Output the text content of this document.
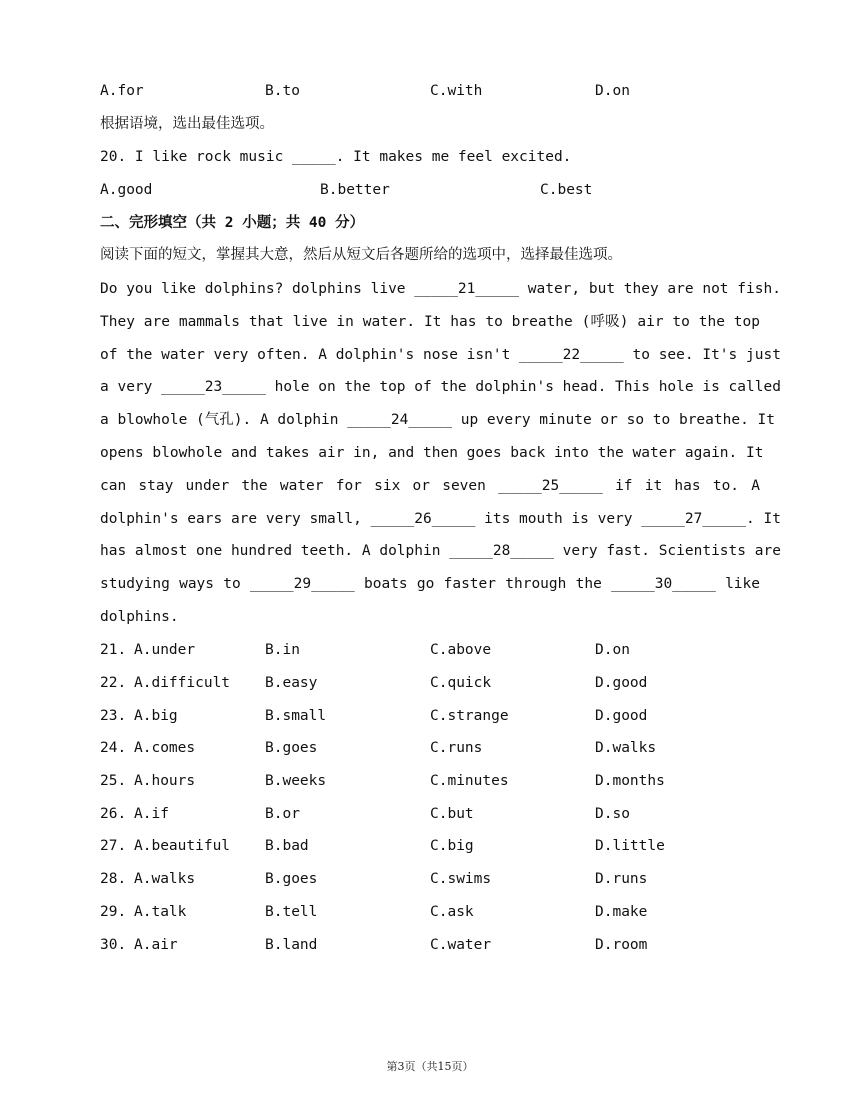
A.for	B.to	C.with	D.on
根据语境，选出最佳选项。
20. I like rock music _____. It makes me feel excited.
A.good	B.better	C.best
二、完形填空（共 2 小题；共 40 分）
阅读下面的短文，掌握其大意，然后从短文后各题所给的选项中，选择最佳选项。
Do you like dolphins? dolphins live _____21_____ water, but they are not fish.
They are mammals that live in water. It has to breathe (呼吸) air to the top
of the water very often. A dolphin's nose isn't _____22_____ to see. It's just
a very _____23_____ hole on the top of the dolphin's head. This hole is called
a blowhole (气孔). A dolphin _____24_____ up every minute or so to breathe. It
opens blowhole and takes air in, and then goes back into the water again. It
can stay under the water for six or seven _____25_____ if it has to. A
dolphin's ears are very small, _____26_____ its mouth is very _____27_____. It
has almost one hundred teeth. A dolphin _____28_____ very fast. Scientists are
studying ways to _____29_____ boats go faster through the _____30_____ like
dolphins.
21. A.under	B.in	C.above	D.on
22. A.difficult B.easy	C.quick	D.good
23. A.big	B.small	C.strange	D.good
24. A.comes	B.goes	C.runs	D.walks
25. A.hours	B.weeks	C.minutes	D.months
26. A.if	B.or	C.but	D.so
27. A.beautiful B.bad	C.big	D.little
28. A.walks	B.goes	C.swims	D.runs
29. A.talk	B.tell	C.ask	D.make
30. A.air	B.land	C.water	D.room
第3页（共15页）
